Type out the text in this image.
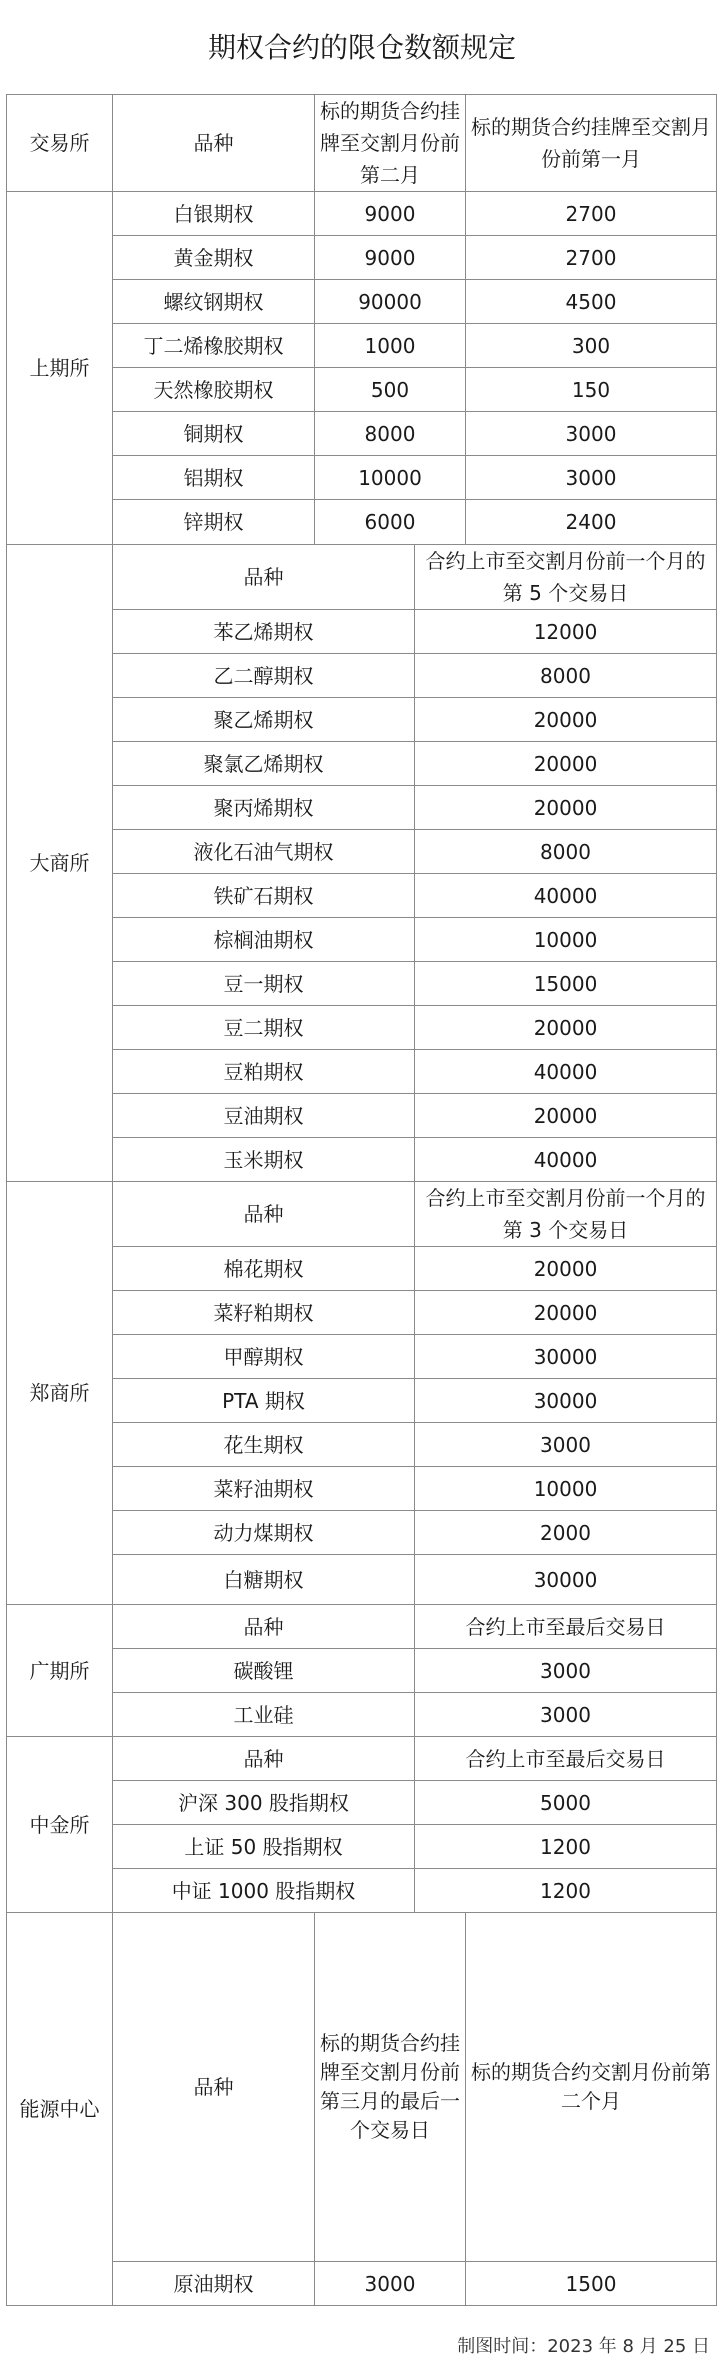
期权合约的限仓数额规定
交易所	品种	标的期货合约挂牌至交割月份前第二月		标的期货合约挂牌至交割月份前第一月	
上期所	白银期权	9000		2700	
	黄金期权	9000		2700	
	螺纹钢期权	90000		4500	
	丁二烯橡胶期权	1000		300	
	天然橡胶期权	500		150	
	铜期权	8000		3000	
	铝期权	10000		3000	
	锌期权	6000		2400	
大商所	品种		合约上市至交割月份前一个月的第 5 个交易日		
	苯乙烯期权		12000		
	乙二醇期权		8000		
	聚乙烯期权		20000		
	聚氯乙烯期权		20000		
	聚丙烯期权		20000		
	液化石油气期权		8000		
	铁矿石期权		40000		
	棕榈油期权		10000		
	豆一期权		15000		
	豆二期权		20000		
	豆粕期权		40000		
	豆油期权		20000		
	玉米期权		40000		
郑商所	品种		合约上市至交割月份前一个月的第 3 个交易日		
	棉花期权		20000		
	菜籽粕期权		20000		
	甲醇期权		30000		
	PTA 期权		30000		
	花生期权		3000		
	菜籽油期权		10000		
	动力煤期权		2000		
	白糖期权		30000		
广期所	品种		合约上市至最后交易日		
	碳酸锂		3000		
	工业硅		3000		
中金所	品种		合约上市至最后交易日		
	沪深 300 股指期权		5000		
	上证 50 股指期权		1200		
	中证 1000 股指期权		1200		
能源中心	品种	标的期货合约挂牌至交割月份前第三月的最后一个交易日		标的期货合约交割月份前第二个月	
	原油期权	3000		1500	
制图时间：2023 年 8 月 25 日
